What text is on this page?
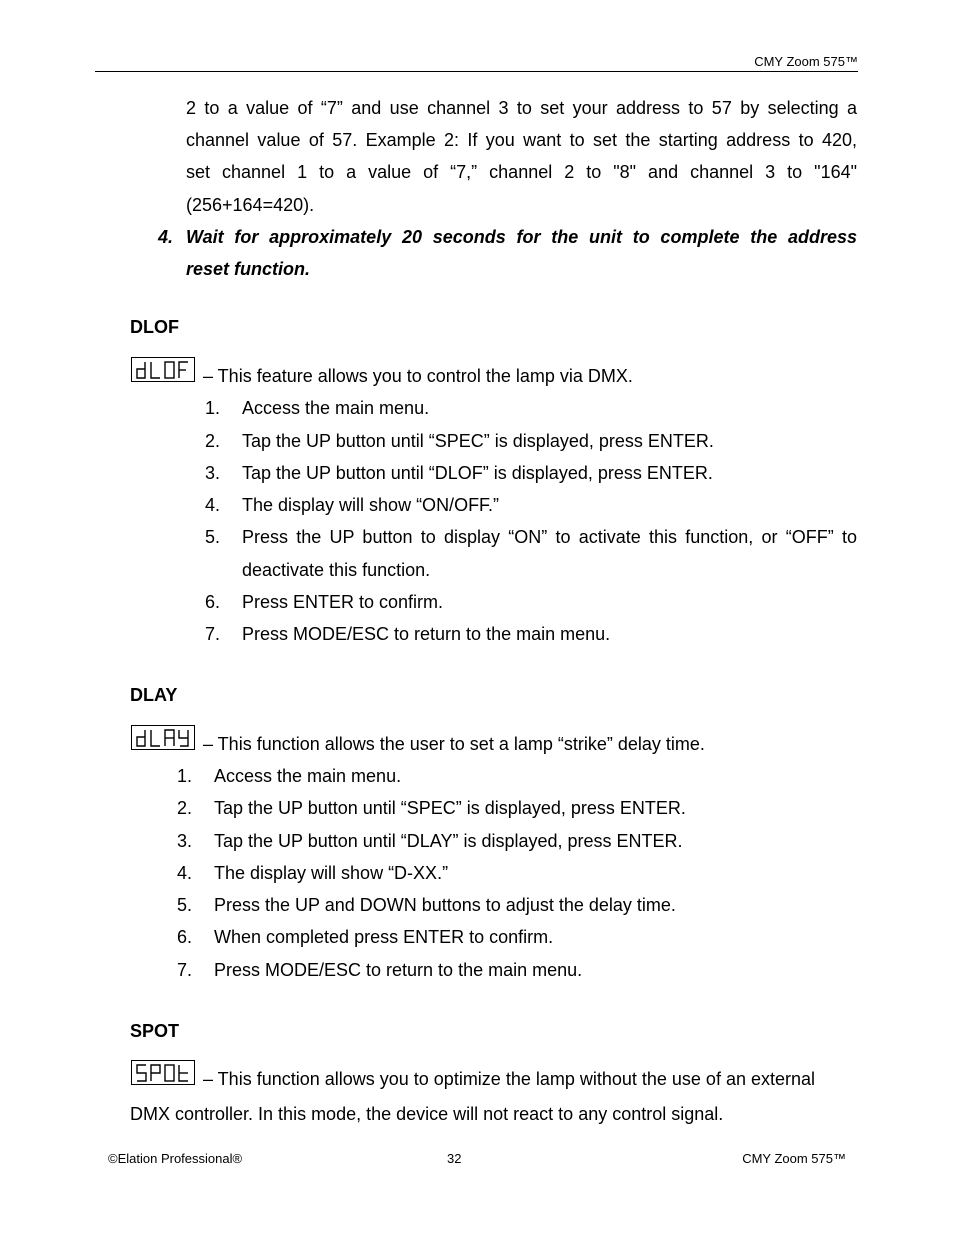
CMY Zoom 575™
2 to a value of “7” and use channel 3 to set your address to 57 by selecting a
channel value of 57. Example 2: If you want to set the starting address to 420,
set channel 1 to a value of “7,” channel 2 to "8" and channel 3 to "164"
(256+164=420).
4. Wait for approximately 20 seconds for the unit to complete the address
reset function.
DLOF
– This feature allows you to control the lamp via DMX.
1. Access the main menu.
2. Tap the UP button until “SPEC” is displayed, press ENTER.
3. Tap the UP button until “DLOF” is displayed, press ENTER.
4. The display will show “ON/OFF.”
5. Press the UP button to display “ON” to activate this function, or “OFF” to
deactivate this function.
6. Press ENTER to confirm.
7. Press MODE/ESC to return to the main menu.
DLAY
– This function allows the user to set a lamp “strike” delay time.
1. Access the main menu.
2. Tap the UP button until “SPEC” is displayed, press ENTER.
3. Tap the UP button until “DLAY” is displayed, press ENTER.
4. The display will show “D-XX.”
5. Press the UP and DOWN buttons to adjust the delay time.
6. When completed press ENTER to confirm.
7. Press MODE/ESC to return to the main menu.
SPOT
– This function allows you to optimize the lamp without the use of an external
DMX controller. In this mode, the device will not react to any control signal.
©Elation Professional®	32	CMY Zoom 575™
